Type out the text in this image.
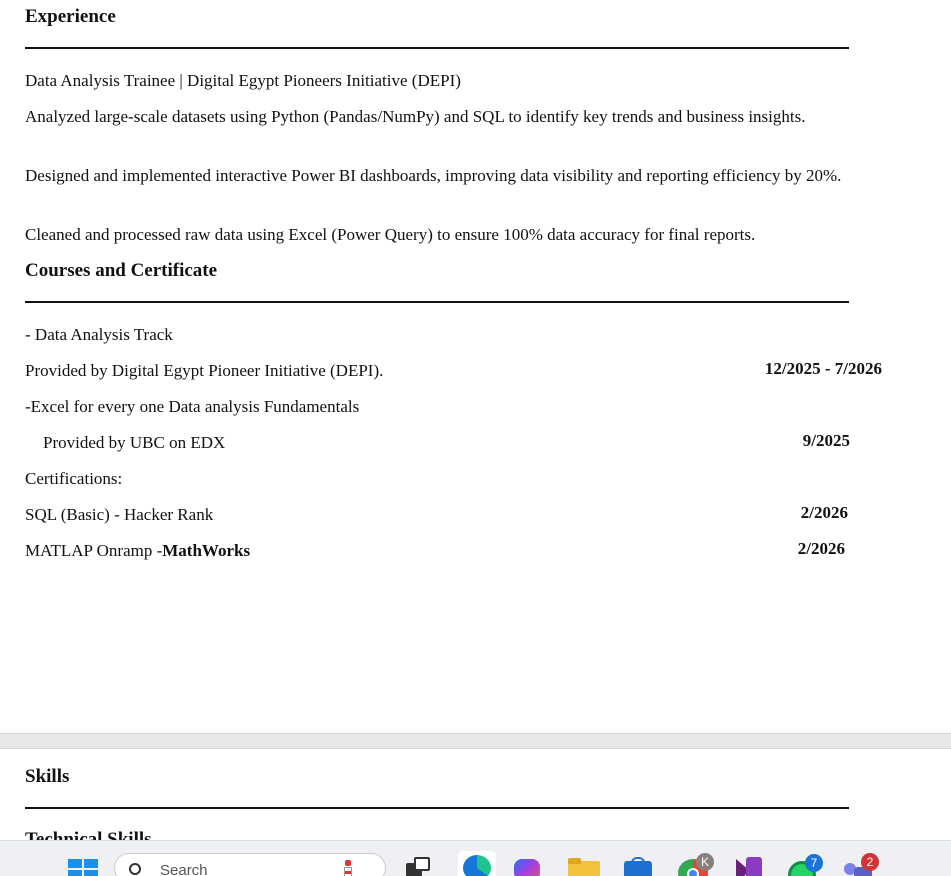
Experience
Data Analysis Trainee | Digital Egypt Pioneers Initiative (DEPI)
Analyzed large-scale datasets using Python (Pandas/NumPy) and SQL to identify key trends and business insights.
Designed and implemented interactive Power BI dashboards, improving data visibility and reporting efficiency by 20%.
Cleaned and processed raw data using Excel (Power Query) to ensure 100% data accuracy for final reports.
Courses and Certificate
- Data Analysis Track
Provided by Digital Egypt Pioneer Initiative (DEPI).	12/2025 - 7/2026
-Excel for every one Data analysis Fundamentals
Provided by UBC on EDX	9/2025
Certifications:
SQL (Basic) - Hacker Rank	2/2026
MATLAP Onramp -MathWorks	2/2026
Skills
Search	K	7	2
